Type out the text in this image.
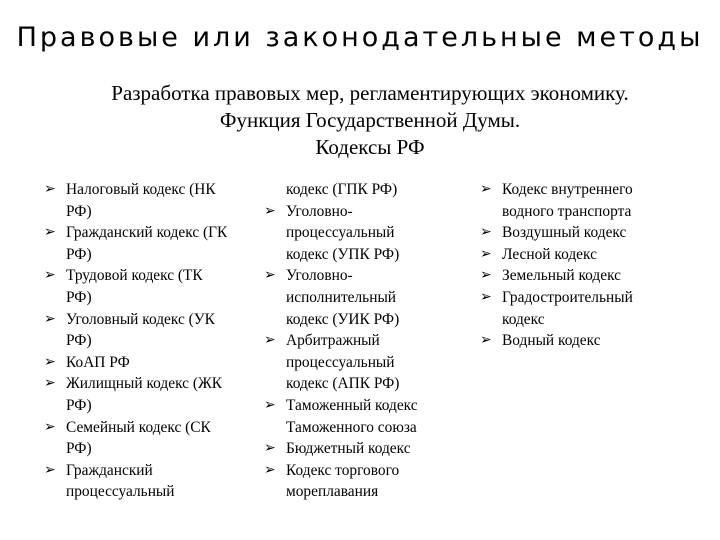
Правовые или законодательные методы
Разработка правовых мер, регламентирующих экономику.
Функция Государственной Думы.
Кодексы РФ
➢ Налоговый кодекс (НК
РФ)
➢ Гражданский кодекс (ГК
РФ)
➢ Трудовой кодекс (ТК
РФ)
➢ Уголовный кодекс (УК
РФ)
➢ КоАП РФ
➢ Жилищный кодекс (ЖК
РФ)
➢ Семейный кодекс (СК
РФ)
➢ Гражданский
процессуальный
кодекс (ГПК РФ)
➢ Уголовно-
процессуальный
кодекс (УПК РФ)
➢ Уголовно-
исполнительный
кодекс (УИК РФ)
➢ Арбитражный
процессуальный
кодекс (АПК РФ)
➢ Таможенный кодекс
Таможенного союза
➢ Бюджетный кодекс
➢ Кодекс торгового
мореплавания
➢ Кодекс внутреннего
водного транспорта
➢ Воздушный кодекс
➢ Лесной кодекс
➢ Земельный кодекс
➢ Градостроительный
кодекс
➢ Водный кодекс
